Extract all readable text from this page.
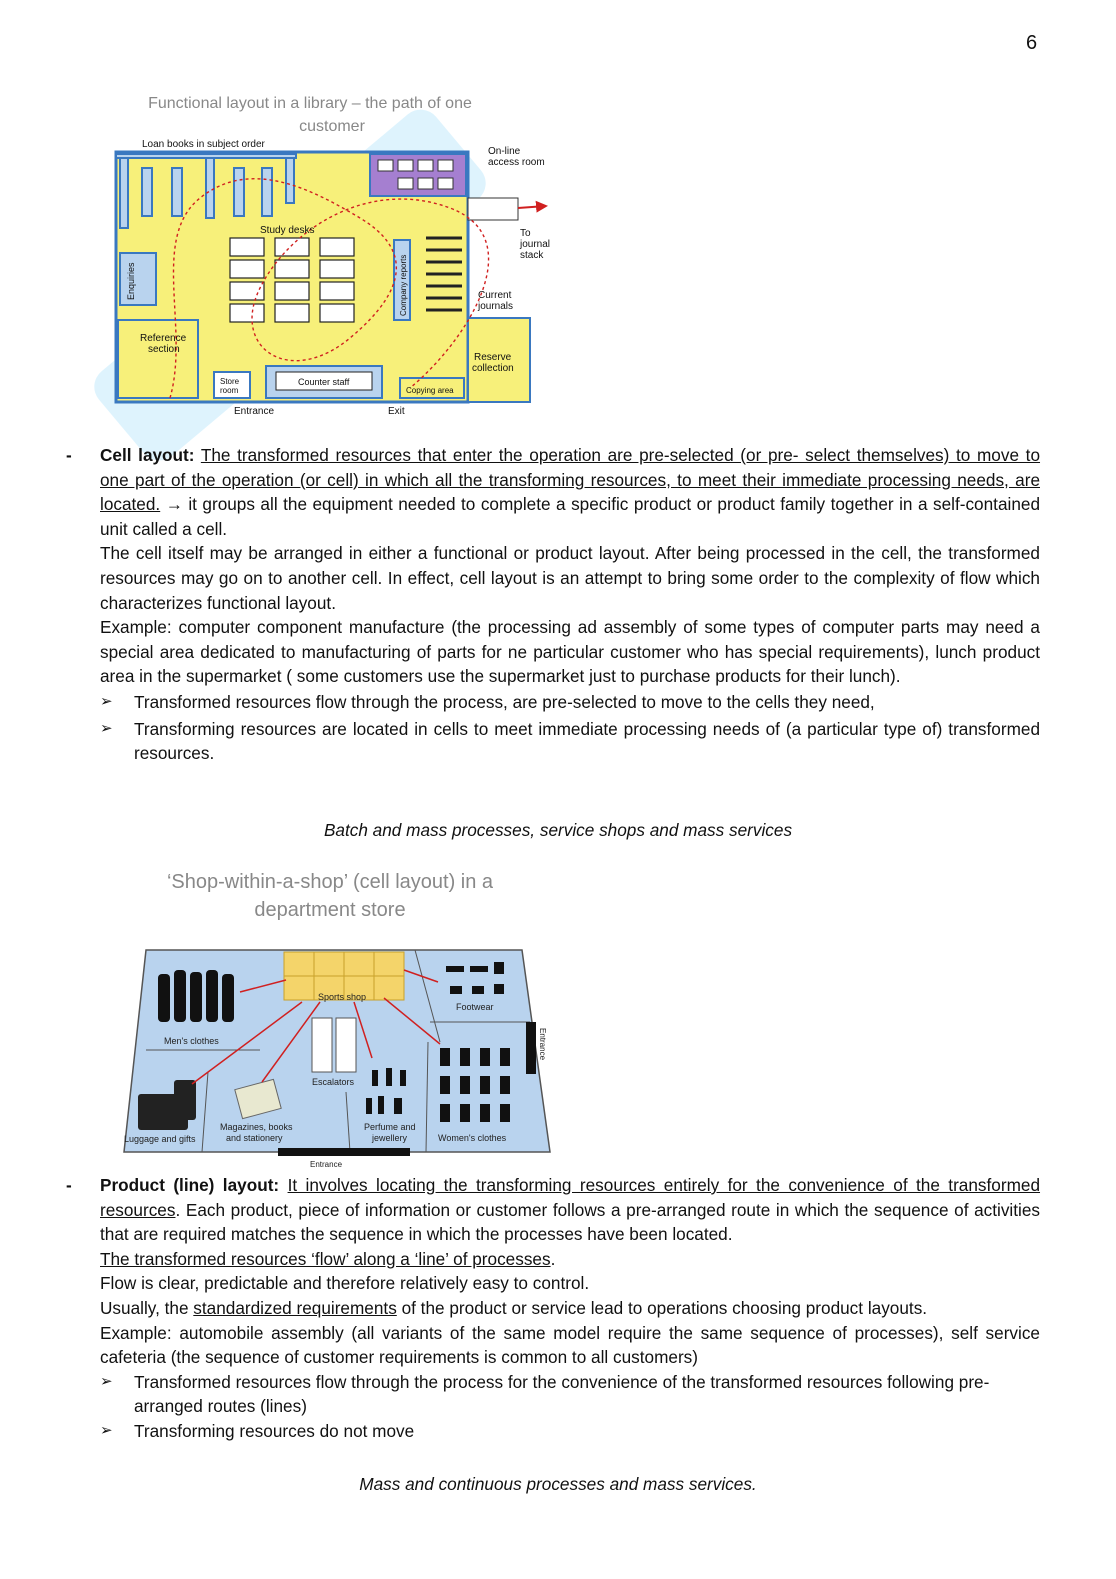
6
Functional layout in a library – the path of one
customer
Loan books in subject order
On-line
access room
To
journal
stack
Study desks
Enquiries	Company reports	Current
journals
Reference
section
Store
room
Counter staff
Copying area
Reserve
collection
Entrance	Exit
-	Cell layout: The transformed resources that enter the operation are pre-selected (or pre- select themselves) to move to one part of the operation (or cell) in which all the transforming resources, to meet their immediate processing needs, are located. → it groups all the equipment needed to complete a specific product or product family together in a self-contained unit called a cell.

The cell itself may be arranged in either a functional or product layout. After being processed in the cell, the transformed resources may go on to another cell. In effect, cell layout is an attempt to bring some order to the complexity of flow which characterizes functional layout.

Example: computer component manufacture (the processing ad assembly of some types of computer parts may need a special area dedicated to manufacturing of parts for ne particular customer who has special requirements), lunch product area in the supermarket ( some customers use the supermarket just to purchase products for their lunch).

➢ Transformed resources flow through the process, are pre-selected to move to the cells they need,
➢ Transforming resources are located in cells to meet immediate processing needs of (a particular type of) transformed resources.
Batch and mass processes, service shops and mass services
‘Shop-within-a-shop’ (cell layout) in a
department store
Sports shop
Footwear
Men's clothes	Entrance
Escalators
Luggage and gifts
Magazines, books
and stationery
Perfume and
jewellery	Women's clothes
Entrance
-	Product (line) layout: It involves locating the transforming resources entirely for the convenience of the transformed resources. Each product, piece of information or customer follows a pre-arranged route in which the sequence of activities that are required matches the sequence in which the processes have been located.

The transformed resources ‘flow’ along a ‘line’ of processes.

Flow is clear, predictable and therefore relatively easy to control.

Usually, the standardized requirements of the product or service lead to operations choosing product layouts.

Example: automobile assembly (all variants of the same model require the same sequence of processes), self service cafeteria (the sequence of customer requirements is common to all customers)

➢ Transformed resources flow through the process for the convenience of the transformed resources following pre-arranged routes (lines)
➢ Transforming resources do not move
Mass and continuous processes and mass services.
